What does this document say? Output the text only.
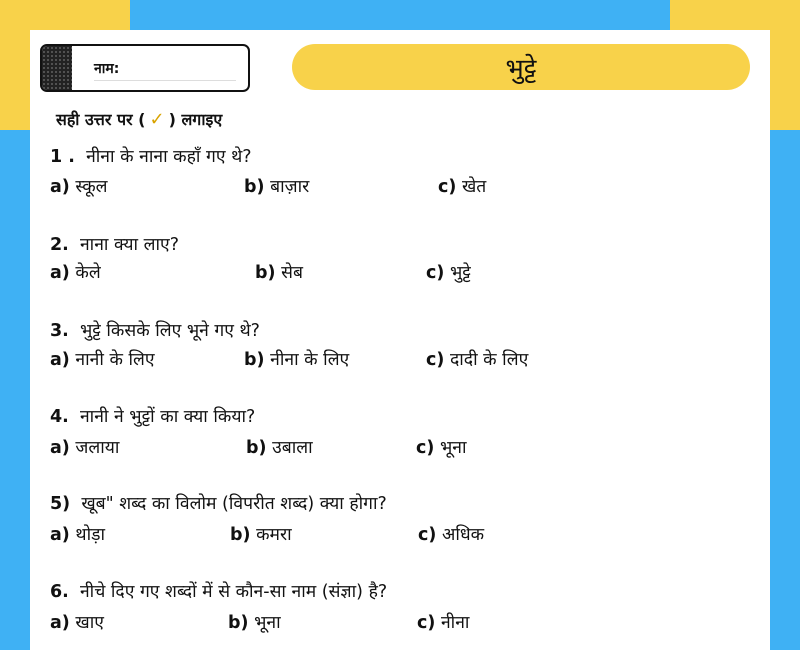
नाम:	भुट्टे
सही उत्तर पर ( ✓ ) लगाइए
1 . नीना के नाना कहाँ गए थे?
a) स्कूल	b) बाज़ार	c) खेत
2. नाना क्या लाए?
a) केले	b) सेब	c) भुट्टे
3. भुट्टे किसके लिए भूने गए थे?
a) नानी के लिए	b) नीना के लिए	c) दादी के लिए
4. नानी ने भुट्टों का क्या किया?
a) जलाया	b) उबाला	c) भूना
5) खूब" शब्द का विलोम (विपरीत शब्द) क्या होगा?
a) थोड़ा	b) कमरा	c) अधिक
6. नीचे दिए गए शब्दों में से कौन-सा नाम (संज्ञा) है?
a) खाए	b) भूना	c) नीना
